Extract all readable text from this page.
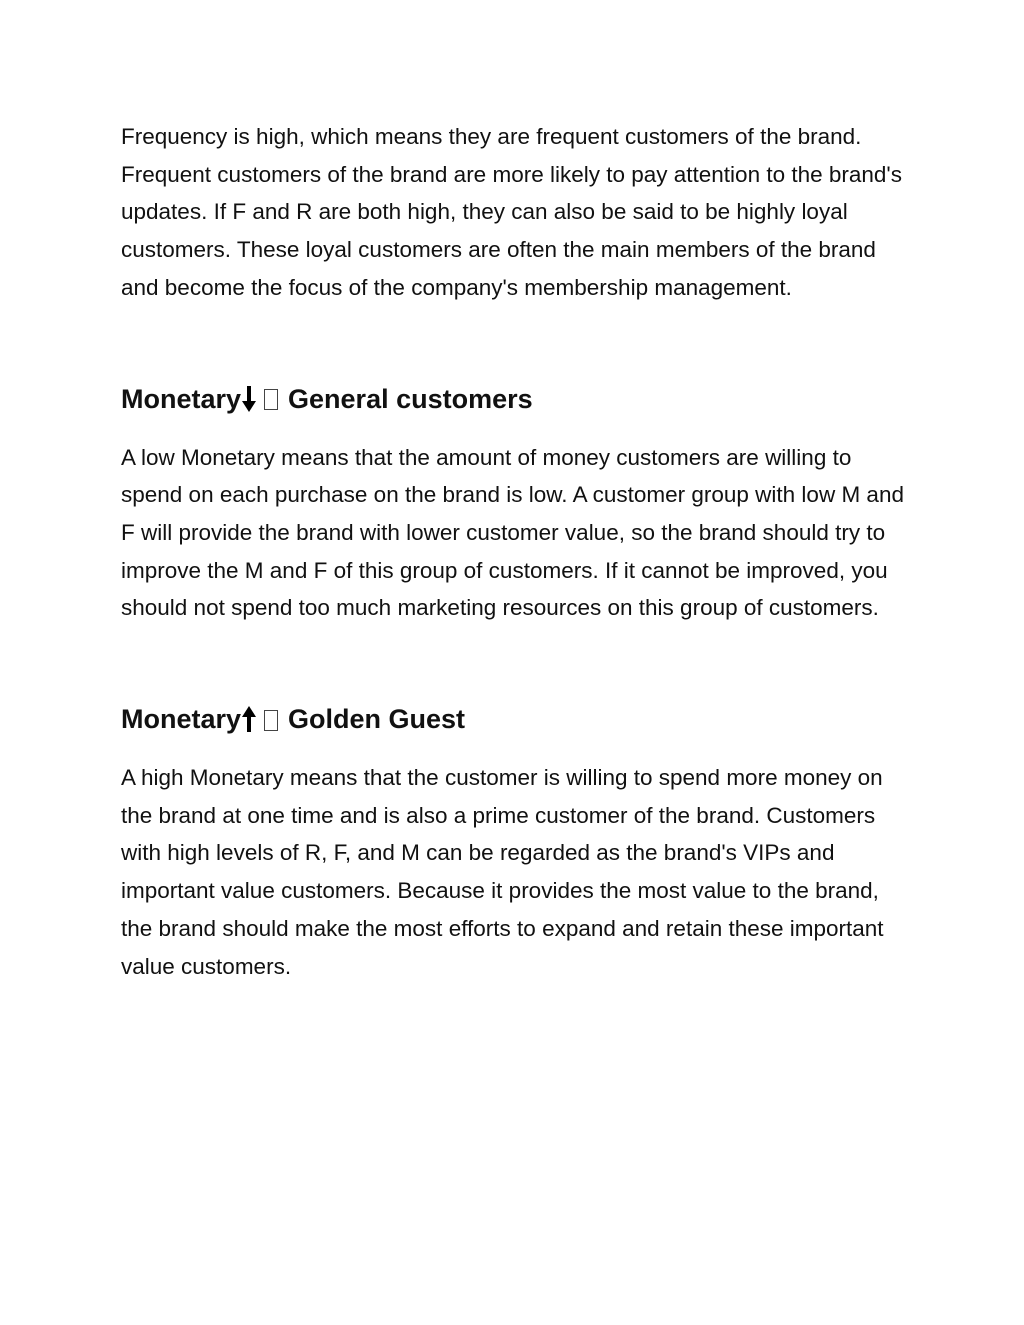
Frequency is high, which means they are frequent customers of the brand. Frequent customers of the brand are more likely to pay attention to the brand's updates. If F and R are both high, they can also be said to be highly loyal customers. These loyal customers are often the main members of the brand and become the focus of the company's membership management.

Monetary General customers

A low Monetary means that the amount of money customers are willing to spend on each purchase on the brand is low. A customer group with low M and F will provide the brand with lower customer value, so the brand should try to improve the M and F of this group of customers. If it cannot be improved, you should not spend too much marketing resources on this group of customers.

Monetary Golden Guest

A high Monetary means that the customer is willing to spend more money on the brand at one time and is also a prime customer of the brand. Customers with high levels of R, F, and M can be regarded as the brand's VIPs and important value customers. Because it provides the most value to the brand, the brand should make the most efforts to expand and retain these important value customers.
